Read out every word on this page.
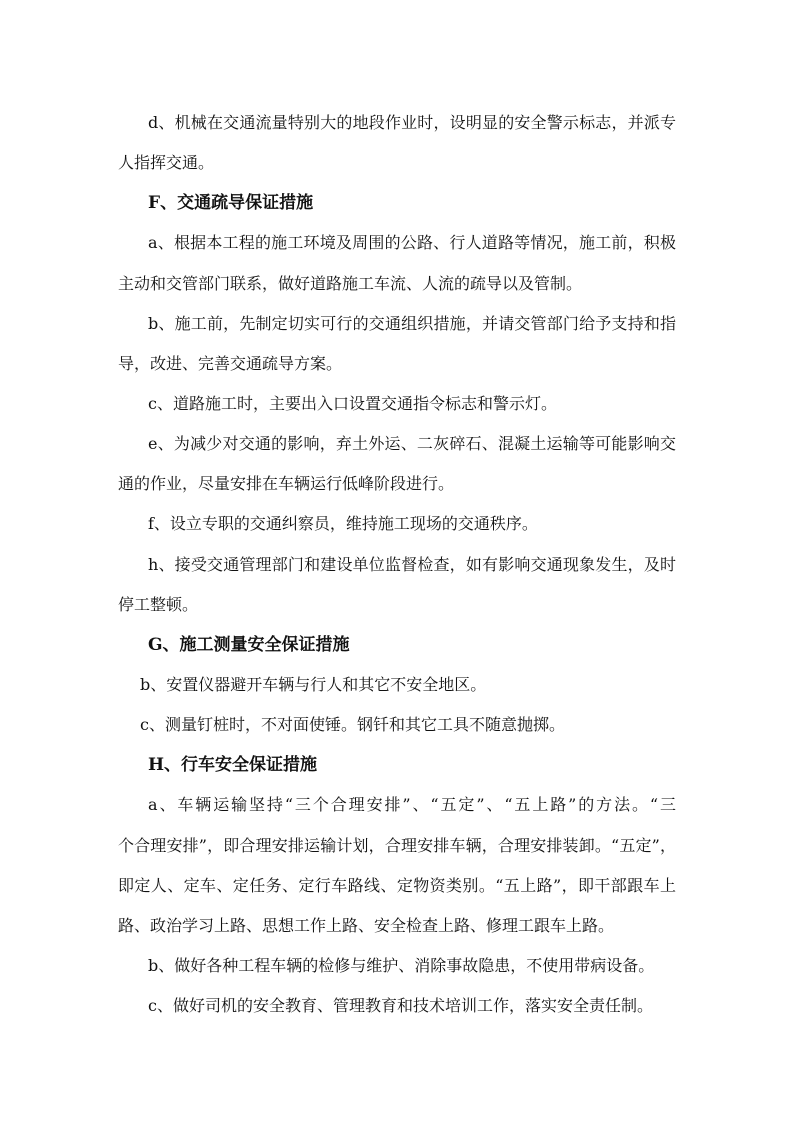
d、机械在交通流量特别大的地段作业时，设明显的安全警示标志，并派专
人指挥交通。
F、交通疏导保证措施
a、根据本工程的施工环境及周围的公路、行人道路等情况，施工前，积极
主动和交管部门联系，做好道路施工车流、人流的疏导以及管制。
b、施工前，先制定切实可行的交通组织措施，并请交管部门给予支持和指
导，改进、完善交通疏导方案。
c、道路施工时，主要出入口设置交通指令标志和警示灯。
e、为减少对交通的影响，弃土外运、二灰碎石、混凝土运输等可能影响交
通的作业，尽量安排在车辆运行低峰阶段进行。
f、设立专职的交通纠察员，维持施工现场的交通秩序。
h、接受交通管理部门和建设单位监督检查，如有影响交通现象发生，及时
停工整顿。
G、施工测量安全保证措施
b、安置仪器避开车辆与行人和其它不安全地区。
c、测量钉桩时，不对面使锤。钢钎和其它工具不随意抛掷。
H、行车安全保证措施
a、车辆运输坚持“三个合理安排”、“五定”、“五上路”的方法。“三
个合理安排”，即合理安排运输计划，合理安排车辆，合理安排装卸。“五定”，
即定人、定车、定任务、定行车路线、定物资类别。“五上路”，即干部跟车上
路、政治学习上路、思想工作上路、安全检查上路、修理工跟车上路。
b、做好各种工程车辆的检修与维护、消除事故隐患，不使用带病设备。
c、做好司机的安全教育、管理教育和技术培训工作，落实安全责任制。
